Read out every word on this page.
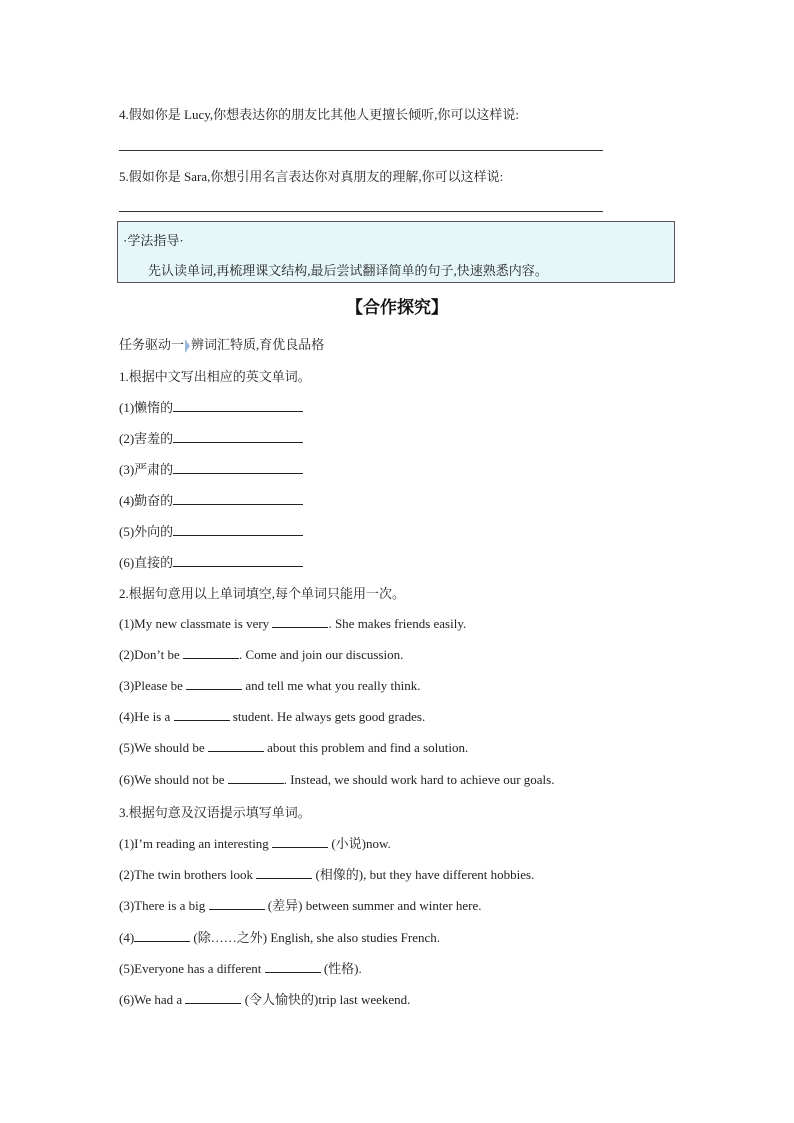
4.假如你是 Lucy,你想表达你的朋友比其他人更擅长倾听,你可以这样说:
5.假如你是 Sara,你想引用名言表达你对真朋友的理解,你可以这样说:
·学法指导·
先认读单词,再梳理课文结构,最后尝试翻译简单的句子,快速熟悉内容。
【合作探究】
任务驱动一 辨词汇特质,育优良品格
1.根据中文写出相应的英文单词。
(1)懒惰的
(2)害羞的
(3)严肃的
(4)勤奋的
(5)外向的
(6)直接的
2.根据句意用以上单词填空,每个单词只能用一次。
(1)My new classmate is very	. She makes friends easily.
(2)Don’t be	. Come and join our discussion.
(3)Please be	and tell me what you really think.
(4)He is a	student. He always gets good grades.
(5)We should be	about this problem and find a solution.
(6)We should not be	. Instead, we should work hard to achieve our goals.
3.根据句意及汉语提示填写单词。
(1)I’m reading an interesting	(小说)now.
(2)The twin brothers look	(相像的), but they have different hobbies.
(3)There is a big	(差异) between summer and winter here.
(4)	(除……之外) English, she also studies French.
(5)Everyone has a different	(性格).
(6)We had a	(令人愉快的)trip last weekend.
